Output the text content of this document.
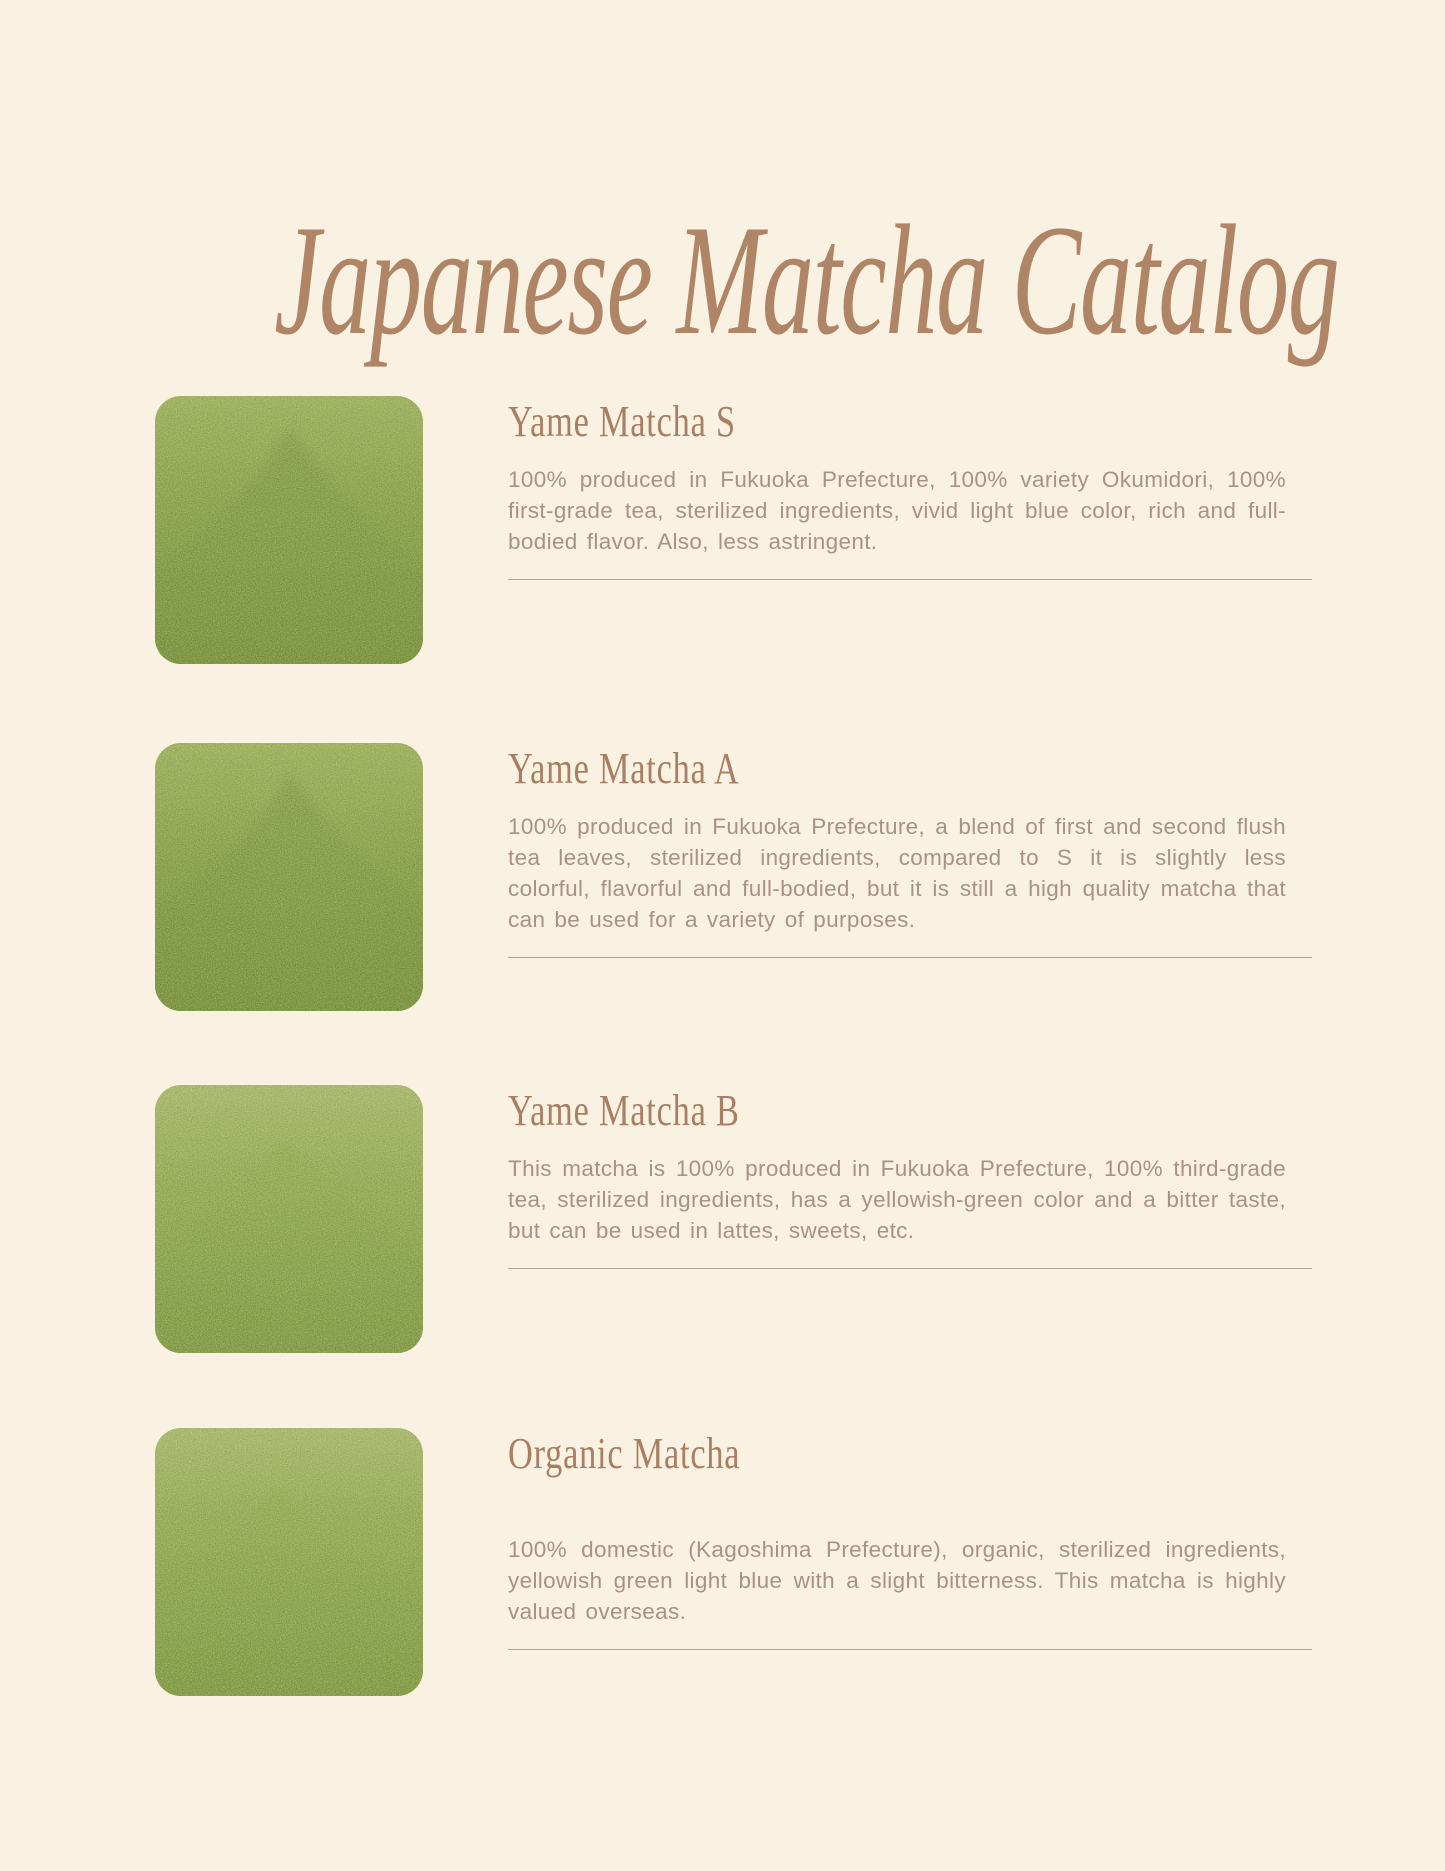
Japanese Matcha Catalog
Yame Matcha S

100% produced in Fukuoka Prefecture, 100% variety Okumidori, 100% first-grade tea, sterilized ingredients, vivid light blue color, rich and full-bodied flavor. Also, less astringent.

Yame Matcha A

100% produced in Fukuoka Prefecture, a blend of first and second flush tea leaves, sterilized ingredients, compared to S it is slightly less colorful, flavorful and full-bodied, but it is still a high quality matcha that can be used for a variety of purposes.

Yame Matcha B

This matcha is 100% produced in Fukuoka Prefecture, 100% third-grade tea, sterilized ingredients, has a yellowish-green color and a bitter taste, but can be used in lattes, sweets, etc.

Organic Matcha

100% domestic (Kagoshima Prefecture), organic, sterilized ingredients, yellowish green light blue with a slight bitterness. This matcha is highly valued overseas.
